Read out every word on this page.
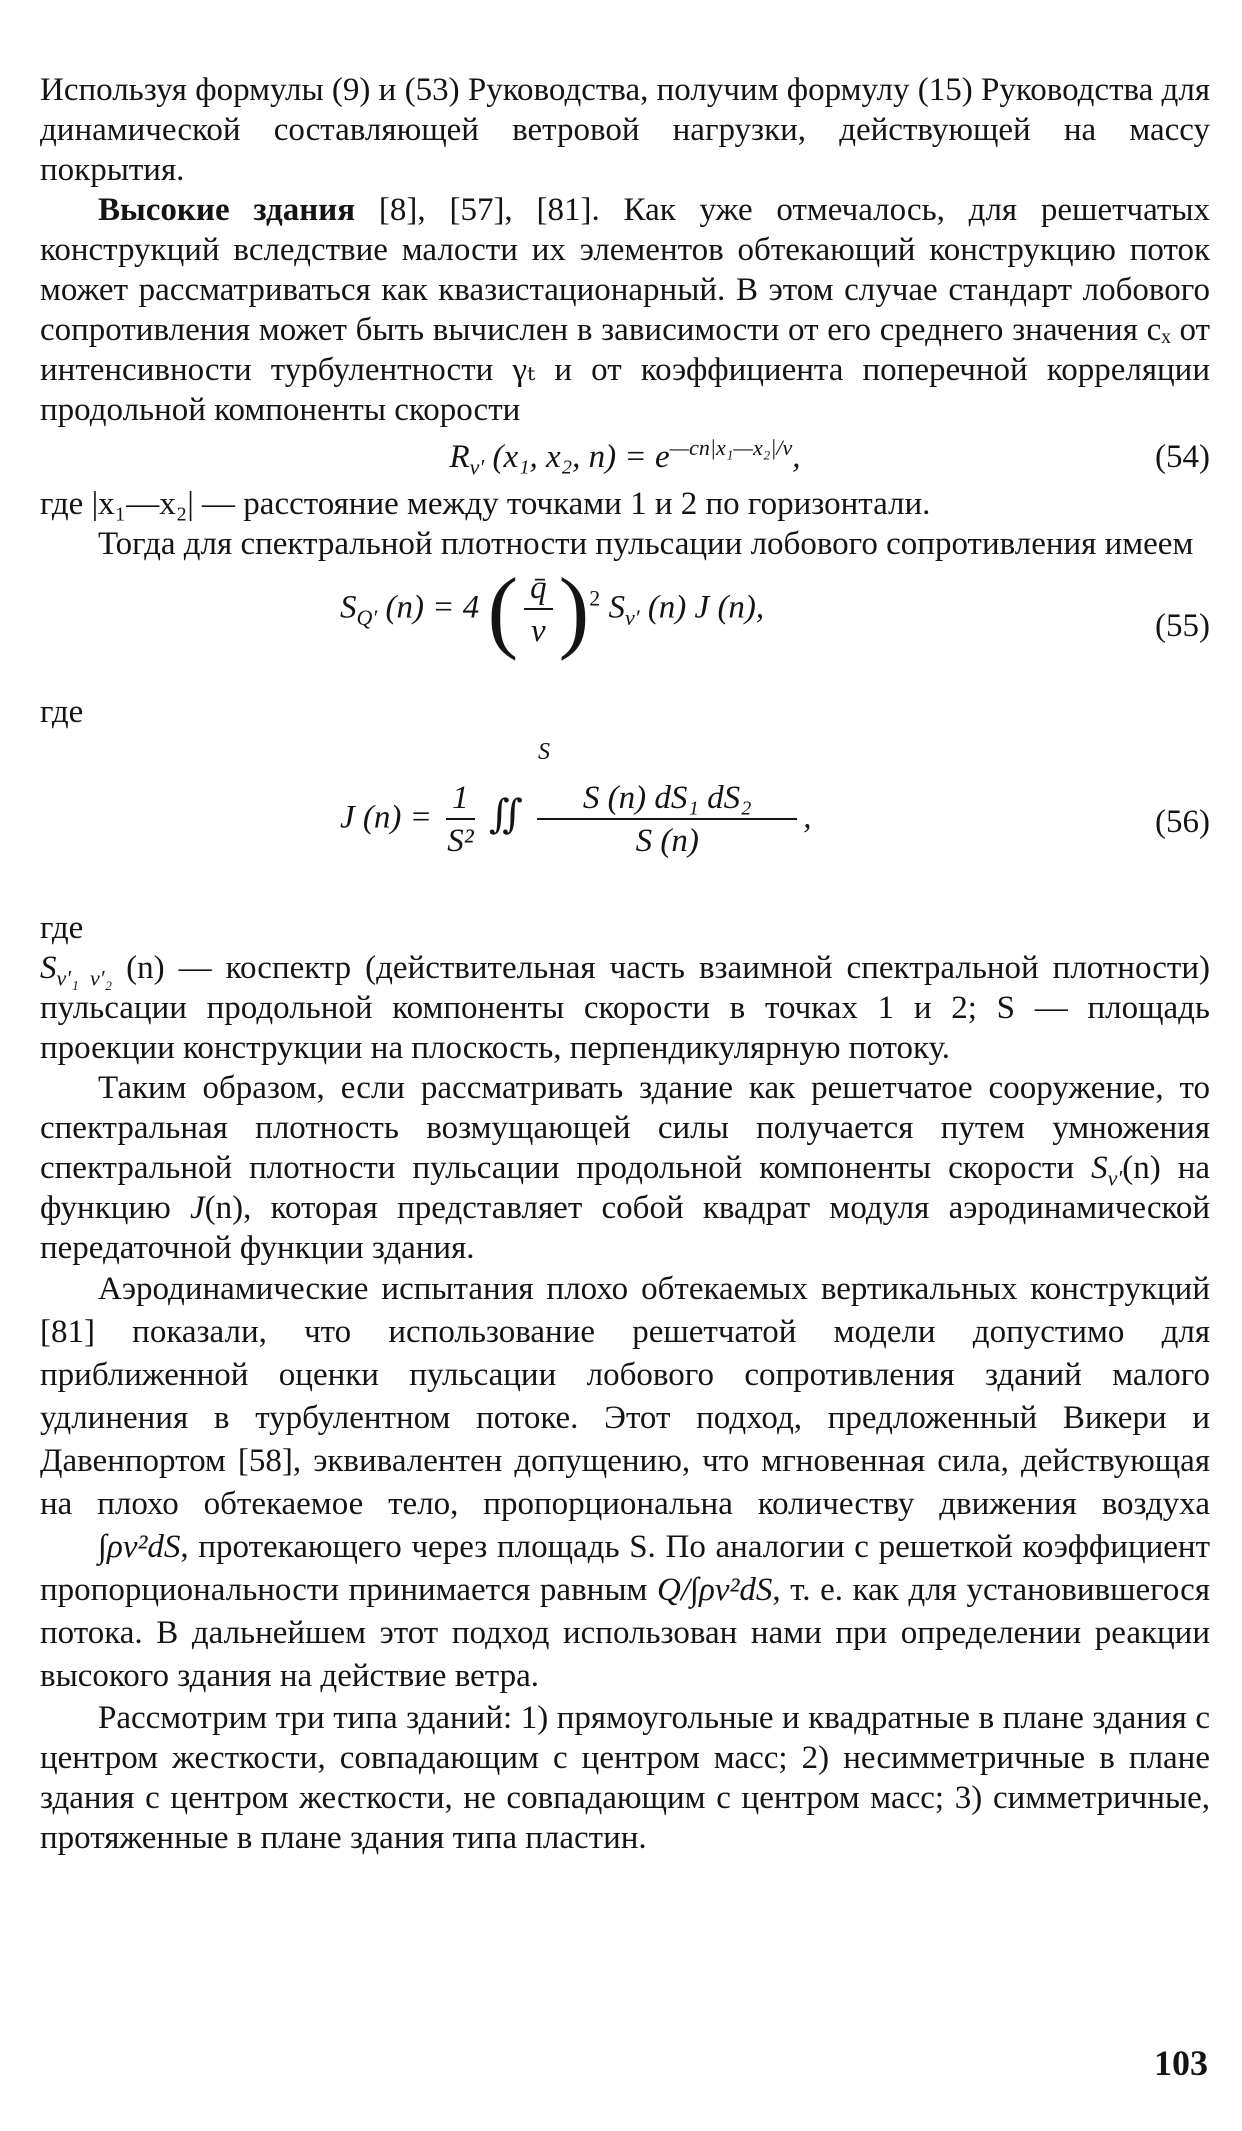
Используя формулы (9) и (53) Руководства, получим формулу (15) Руководства для динамической составляющей ветровой нагрузки, действующей на массу покрытия.

Высокие здания [8], [57], [81]. Как уже отмечалось, для решетчатых конструкций вследствие малости их элементов обтекающий конструкцию поток может рассматриваться как квазистационарный. В этом случае стандарт лобового сопротивления может быть вычислен в зависимости от его среднего значения cₓ от интенсивности турбулентности γₜ и от коэффициента поперечной корреляции продольной компоненты скорости

$R_{v'}$ (x₁, x₂, $n) = e^{—cn|x_1—x_2|/v}$,	(54)

где |x₁—x₂| — расстояние между точками 1 и 2 по горизонтали.

Тогда для спектральной плотности пульсации лобового сопротивления имеем

$S_{Q'}$ (n) = 4 ( $\frac{q̄}{v} )^2$ $S_{v'}$ (n) J (n),
(55)

где

J $(n) = \frac{1}{\text{S²}}$ ∬ $\frac{\text{S (n) dS₁ dS₂}}{S (n)}$ ,
S
(56)

где

$S_{v'_1 v'_2}$ (n) — коспектр (действительная часть взаимной спектральной плотности) пульсации продольной компоненты скорости в точках 1 и 2; S — площадь проекции конструкции на плоскость, перпендикулярную потоку.

Таким образом, если рассматривать здание как решетчатое сооружение, то спектральная плотность возмущающей силы получается путем умножения спектральной плотности пульсации продольной компоненты скорости $S_{v'}(n)$ на функцию J(n), которая представляет собой квадрат модуля аэродинамической передаточной функции здания.

Аэродинамические испытания плохо обтекаемых вертикальных конструкций [81] показали, что использование решетчатой модели допустимо для приближенной оценки пульсации лобового сопротивления зданий малого удлинения в турбулентном потоке. Этот подход, предложенный Викери и Давенпортом [58], эквивалентен допущению, что мгновенная сила, действующая на плохо обтекаемое тело, пропорциональна количеству движения воздуха ∫ρv²dS, протекающего через площадь S. По аналогии с решеткой коэффициент пропорциональности принимается равным Q/∫ρv²dS, т. е. как для установившегося потока. В дальнейшем этот подход использован нами при определении реакции высокого здания на действие ветра.

Рассмотрим три типа зданий: 1) прямоугольные и квадратные в плане здания с центром жесткости, совпадающим с центром масс; 2) несимметричные в плане здания с центром жесткости, не совпадающим с центром масс; 3) симметричные, протяженные в плане здания типа пластин.

103
